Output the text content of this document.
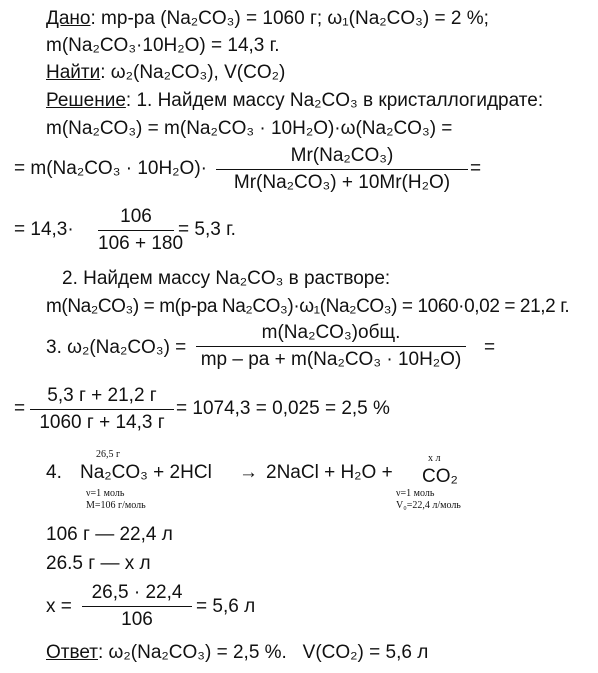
Дано: mр-ра (Na₂CO₃) = 1060 г; ω₁(Na₂CO₃) = 2 %;
m(Na₂CO₃·10H₂O) = 14,3 г.
Найти: ω₂(Na₂CO₃), V(CO₂)
Решение: 1. Найдем массу Na₂CO₃ в кристаллогидрате:
m(Na₂CO₃) = m(Na₂CO₃ · 10H₂O)·ω(Na₂CO₃) =
= m(Na₂CO₃ · 10H₂O)·
Mr(Na₂CO₃)
Mr(Na₂CO₃) + 10Mr(H₂O)
=
= 14,3·
106
106 + 180
= 5,3 г.
2. Найдем массу Na₂CO₃ в растворе:
m(Na₂CO₃) = m(р-ра Na₂CO₃)·ω₁(Na₂CO₃) = 1060·0,02 = 21,2 г.
3. ω₂(Na₂CO₃) =
m(Na₂CO₃)общ.
mр – ра + m(Na₂CO₃ · 10H₂O)
=
=
5,3 г + 21,2 г
1060 г + 14,3 г
= 1074,3 = 0,025 = 2,5 %
26,5 г	x л
4. Na₂CO₃ + 2HCl → 2NaCl + H₂O + CO₂
ν=1 моль
M=106 г/моль
ν=1 моль
V₀=22,4 л/моль
106 г — 22,4 л
26.5 г — х л
x =
26,5 · 22,4
106
= 5,6 л
Ответ: ω₂(Na₂CO₃) = 2,5 %.   V(CO₂) = 5,6 л
